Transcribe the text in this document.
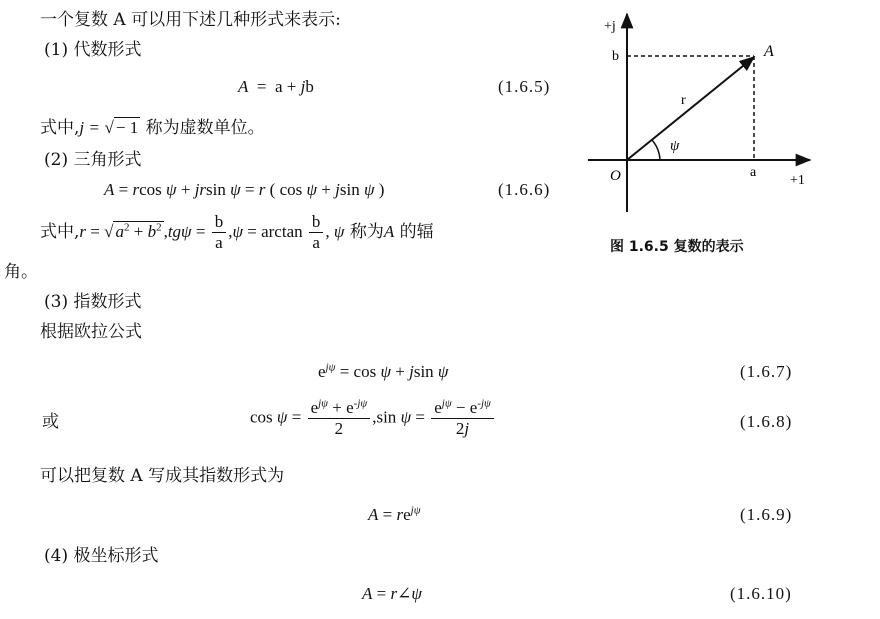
一个复数 A 可以用下述几种形式来表示:
(1) 代数形式
A  =  a + jb	(1.6.5)
式中,j = √ − 1 称为虚数单位。
(2) 三角形式
A = rcos ψ + jrsin ψ = r ( cos ψ + jsin ψ )	(1.6.6)
式中,r = √ $a^2 + b^2$ $,tg\psi = \frac{b}{a} ,\psi = \arctan \frac{b}{a}$ , ψ 称为A 的辐
角。
(3) 指数形式
根据欧拉公式
$e^{j\psi} = \cos \psi + jsin$ ψ	(1.6.7)
或	$\cos \psi = \frac{e^{j\psi} + e^{-j\psi}}{2} ,\sin$ $\psi = \frac{e^{j\psi} - e^{-j\psi}}{2j}$	(1.6.8)
可以把复数 A 写成其指数形式为
$A = re^{j\psi}$	(1.6.9)
(4) 极坐标形式
A = r∠ψ	(1.6.10)
+j
b	A
r
ψ
O	a
+1
图 1.6.5 复数的表示
